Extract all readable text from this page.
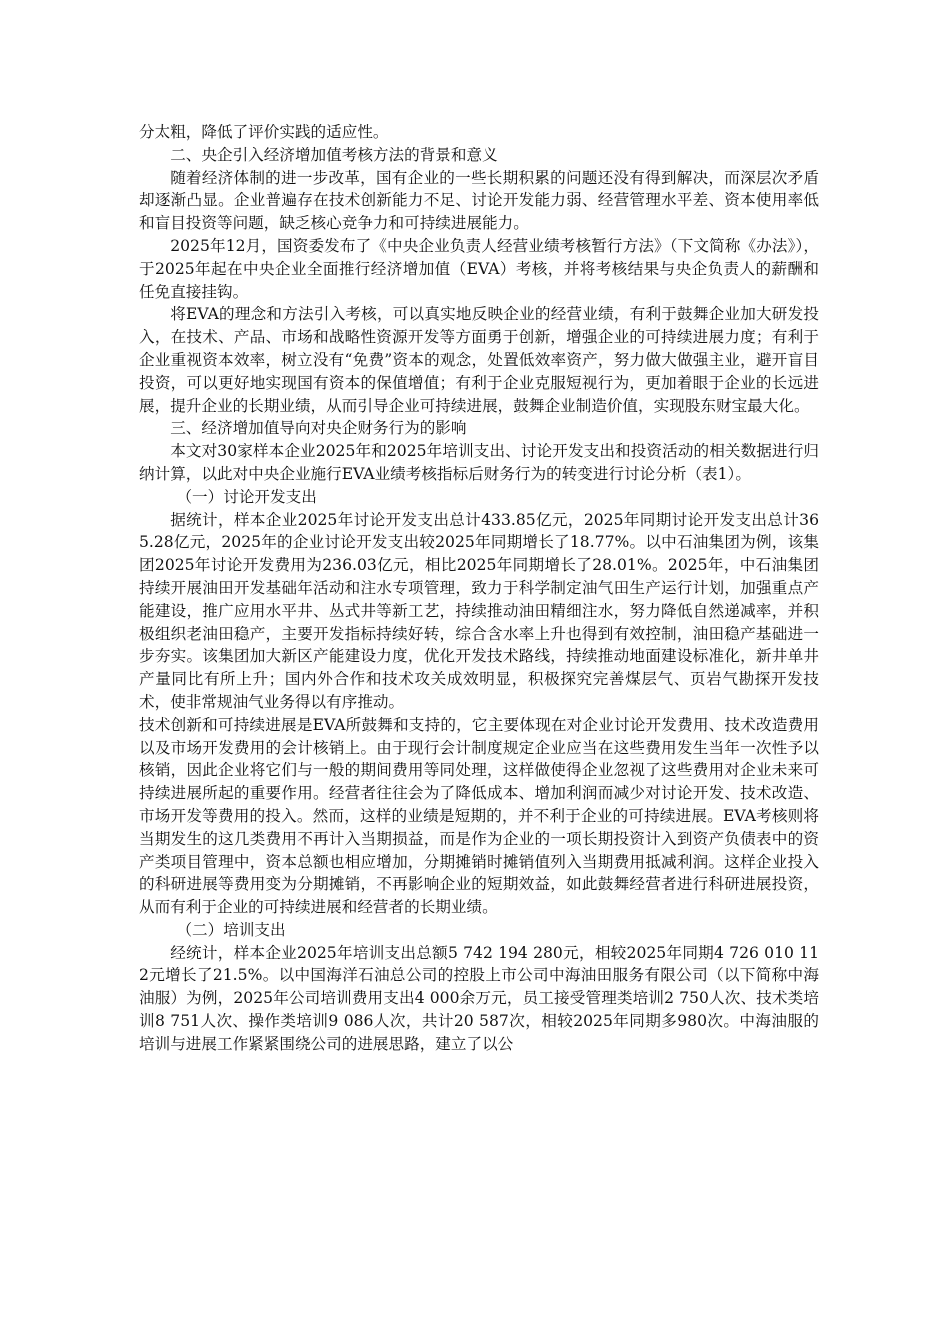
分太粗，降低了评价实践的适应性。

二、央企引入经济增加值考核方法的背景和意义

随着经济体制的进一步改革，国有企业的一些长期积累的问题还没有得到解决，而深层次矛盾却逐渐凸显。企业普遍存在技术创新能力不足、讨论开发能力弱、经营管理水平差、资本使用率低和盲目投资等问题，缺乏核心竞争力和可持续进展能力。

2025年12月，国资委发布了《中央企业负责人经营业绩考核暂行方法》（下文简称《办法》），于2025年起在中央企业全面推行经济增加值（EVA）考核，并将考核结果与央企负责人的薪酬和任免直接挂钩。

将EVA的理念和方法引入考核，可以真实地反映企业的经营业绩，有利于鼓舞企业加大研发投入，在技术、产品、市场和战略性资源开发等方面勇于创新，增强企业的可持续进展力度；有利于企业重视资本效率，树立没有“免费”资本的观念，处置低效率资产，努力做大做强主业，避开盲目投资，可以更好地实现国有资本的保值增值；有利于企业克服短视行为，更加着眼于企业的长远进展，提升企业的长期业绩，从而引导企业可持续进展，鼓舞企业制造价值，实现股东财宝最大化。

三、经济增加值导向对央企财务行为的影响

本文对30家样本企业2025年和2025年培训支出、讨论开发支出和投资活动的相关数据进行归纳计算，以此对中央企业施行EVA业绩考核指标后财务行为的转变进行讨论分析（表1）。

（一）讨论开发支出

据统计，样本企业2025年讨论开发支出总计433.85亿元，2025年同期讨论开发支出总计365.28亿元，2025年的企业讨论开发支出较2025年同期增长了18.77%。以中石油集团为例，该集团2025年讨论开发费用为236.03亿元，相比2025年同期增长了28.01%。2025年，中石油集团持续开展油田开发基础年活动和注水专项管理，致力于科学制定油气田生产运行计划，加强重点产能建设，推广应用水平井、丛式井等新工艺，持续推动油田精细注水，努力降低自然递减率，并积极组织老油田稳产，主要开发指标持续好转，综合含水率上升也得到有效控制，油田稳产基础进一步夯实。该集团加大新区产能建设力度，优化开发技术路线，持续推动地面建设标准化，新井单井产量同比有所上升；国内外合作和技术攻关成效明显，积极探究完善煤层气、页岩气勘探开发技术，使非常规油气业务得以有序推动。

技术创新和可持续进展是EVA所鼓舞和支持的，它主要体现在对企业讨论开发费用、技术改造费用以及市场开发费用的会计核销上。由于现行会计制度规定企业应当在这些费用发生当年一次性予以核销，因此企业将它们与一般的期间费用等同处理，这样做使得企业忽视了这些费用对企业未来可持续进展所起的重要作用。经营者往往会为了降低成本、增加利润而减少对讨论开发、技术改造、市场开发等费用的投入。然而，这样的业绩是短期的，并不利于企业的可持续进展。EVA考核则将当期发生的这几类费用不再计入当期损益，而是作为企业的一项长期投资计入到资产负债表中的资产类项目管理中，资本总额也相应增加，分期摊销时摊销值列入当期费用抵减利润。这样企业投入的科研进展等费用变为分期摊销，不再影响企业的短期效益，如此鼓舞经营者进行科研进展投资，从而有利于企业的可持续进展和经营者的长期业绩。

（二）培训支出

经统计，样本企业2025年培训支出总额5 742 194 280元，相较2025年同期4 726 010 112元增长了21.5%。以中国海洋石油总公司的控股上市公司中海油田服务有限公司（以下简称中海油服）为例，2025年公司培训费用支出4 000余万元，员工接受管理类培训2 750人次、技术类培训8 751人次、操作类培训9 086人次，共计20 587次，相较2025年同期多980次。中海油服的培训与进展工作紧紧围绕公司的进展思路，建立了以公
